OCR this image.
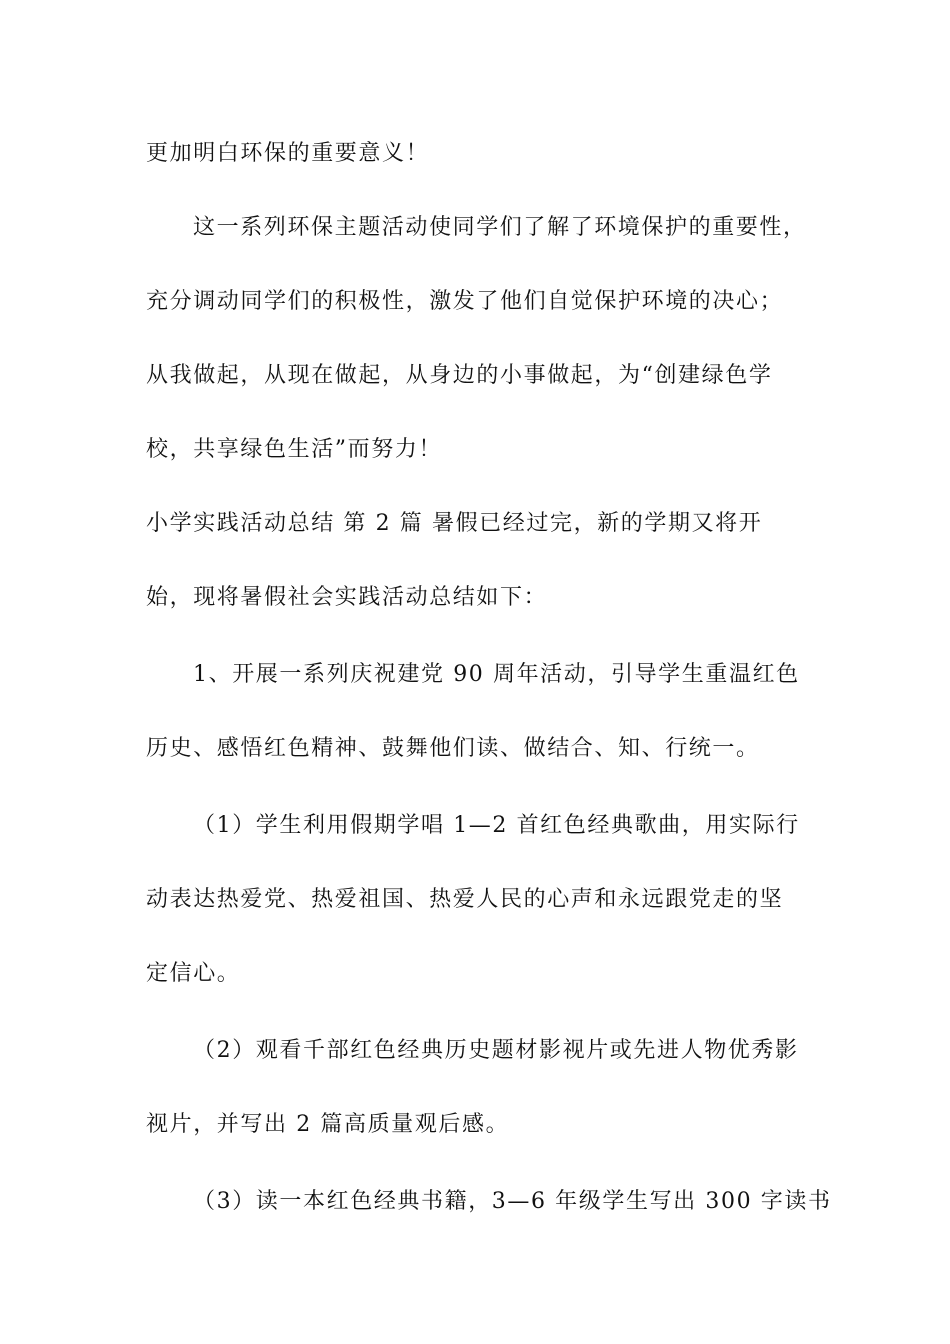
更加明白环保的重要意义！
这一系列环保主题活动使同学们了解了环境保护的重要性，
充分调动同学们的积极性，激发了他们自觉保护环境的决心；
从我做起，从现在做起，从身边的小事做起，为“创建绿色学
校，共享绿色生活”而努力！
小学实践活动总结 第 2 篇 暑假已经过完，新的学期又将开
始，现将暑假社会实践活动总结如下：
1、开展一系列庆祝建党 90 周年活动，引导学生重温红色
历史、感悟红色精神、鼓舞他们读、做结合、知、行统一。
（1）学生利用假期学唱 1—2 首红色经典歌曲，用实际行
动表达热爱党、热爱祖国、热爱人民的心声和永远跟党走的坚
定信心。
（2）观看千部红色经典历史题材影视片或先进人物优秀影
视片，并写出 2 篇高质量观后感。
（3）读一本红色经典书籍，3—6 年级学生写出 300 字读书
